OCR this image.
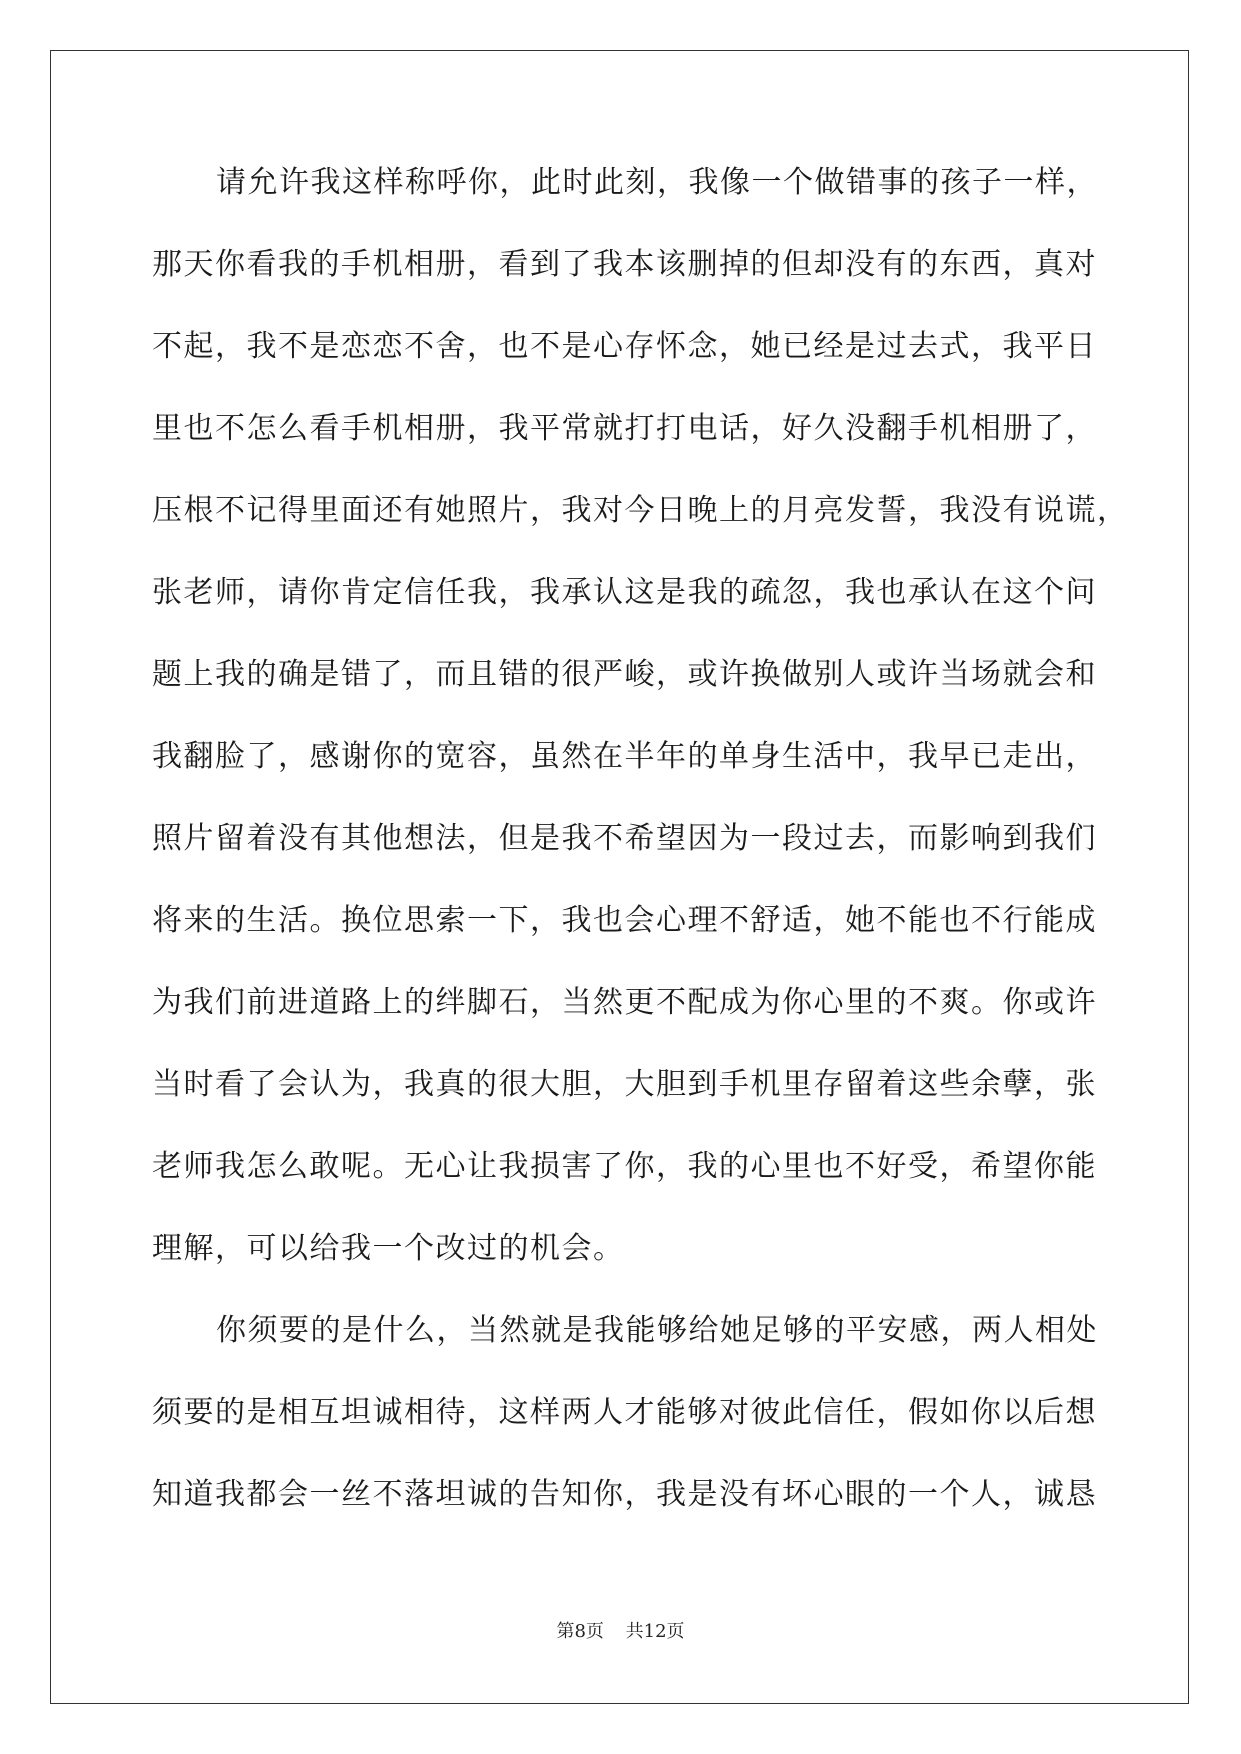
请允许我这样称呼你，此时此刻，我像一个做错事的孩子一样，
那天你看我的手机相册，看到了我本该删掉的但却没有的东西，真对
不起，我不是恋恋不舍，也不是心存怀念，她已经是过去式，我平日
里也不怎么看手机相册，我平常就打打电话，好久没翻手机相册了，
压根不记得里面还有她照片，我对今日晚上的月亮发誓，我没有说谎，
张老师，请你肯定信任我，我承认这是我的疏忽，我也承认在这个问
题上我的确是错了，而且错的很严峻，或许换做别人或许当场就会和
我翻脸了，感谢你的宽容，虽然在半年的单身生活中，我早已走出，
照片留着没有其他想法，但是我不希望因为一段过去，而影响到我们
将来的生活。换位思索一下，我也会心理不舒适，她不能也不行能成
为我们前进道路上的绊脚石，当然更不配成为你心里的不爽。你或许
当时看了会认为，我真的很大胆，大胆到手机里存留着这些余孽，张
老师我怎么敢呢。无心让我损害了你，我的心里也不好受，希望你能
理解，可以给我一个改过的机会。
你须要的是什么，当然就是我能够给她足够的平安感，两人相处
须要的是相互坦诚相待，这样两人才能够对彼此信任，假如你以后想
知道我都会一丝不落坦诚的告知你，我是没有坏心眼的一个人，诚恳
第8页 共12页
